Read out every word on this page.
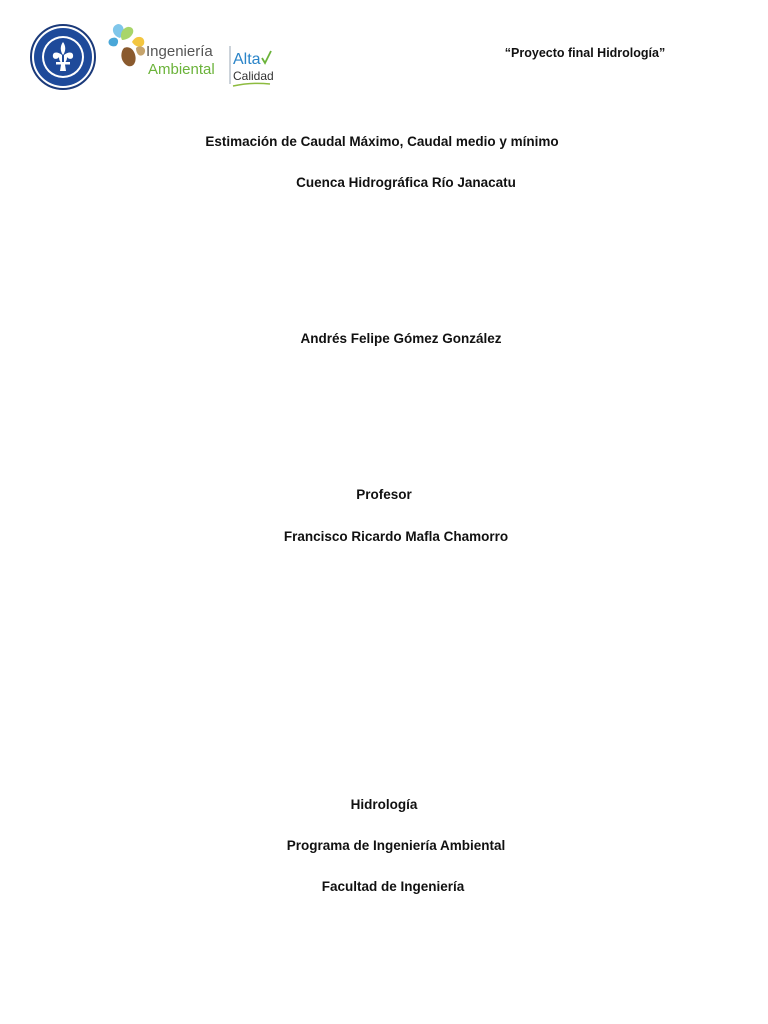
Ingeniería
Ambiental
Alta
Calidad
“Proyecto final Hidrología”
Estimación de Caudal Máximo, Caudal medio y mínimo
Cuenca Hidrográfica Río Janacatu
Andrés Felipe Gómez González
Profesor
Francisco Ricardo Mafla Chamorro
Hidrología
Programa de Ingeniería Ambiental
Facultad de Ingeniería
